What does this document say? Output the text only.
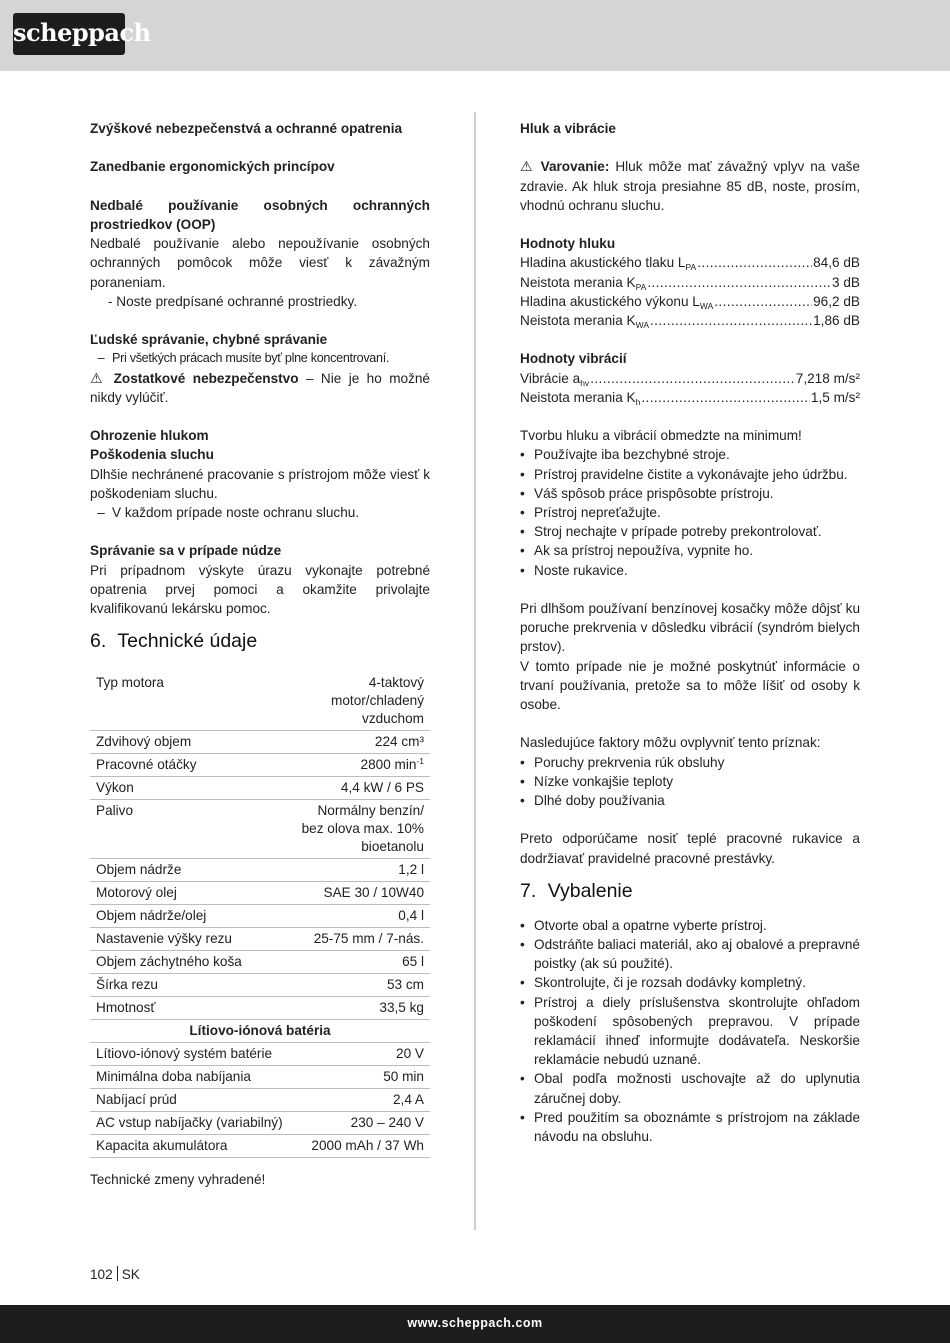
scheppach

Zvýškové nebezpečenstvá a ochranné opatrenia

Zanedbanie ergonomických princípov

Nedbalé používanie osobných ochranných prostriedkov (OOP)

Nedbalé používanie alebo nepoužívanie osobných ochranných pomôcok môže viesť k závažným poraneniam.

- Noste predpísané ochranné prostriedky.

Ľudské správanie, chybné správanie

– Pri všetkých prácach musíte byť plne koncentrovaní.

⚠ Zostatkové nebezpečenstvo – Nie je ho možné nikdy vylúčiť.

Ohrozenie hlukom

Poškodenia sluchu

Dlhšie nechránené pracovanie s prístrojom môže viesť k poškodeniam sluchu.

– V každom prípade noste ochranu sluchu.

Správanie sa v prípade núdze

Pri prípadnom výskyte úrazu vykonajte potrebné opatrenia prvej pomoci a okamžite privolajte kvalifikovanú lekársku pomoc.

6. Technické údaje
Typ motora	4-taktový motor/chladený vzduchom
Zdvihový objem	224 cm³
Pracovné otáčky	2800 $\min^{-1}$
Výkon	4,4 kW / 6 PS
Palivo	Normálny benzín/ bez olova max. 10% bioetanolu
Objem nádrže	1,2 l
Motorový olej	SAE 30 / 10W40
Objem nádrže/olej	0,4 l
Nastavenie výšky rezu	25-75 mm / 7-nás.
Objem záchytného koša	65 l
Šírka rezu	53 cm
Hmotnosť	33,5 kg
Lítiovo-iónová batéria	
Lítiovo-iónový systém batérie	20 V
Minimálna doba nabíjania	50 min
Nabíjací prúd	2,4 A
AC vstup nabíjačky (variabilný)	230 – 240 V
Kapacita akumulátora	2000 mAh / 37 Wh

Technické zmeny vyhradené!

Hluk a vibrácie

⚠ Varovanie: Hluk môže mať závažný vplyv na vaše zdravie. Ak hluk stroja presiahne 85 dB, noste, prosím, vhodnú ochranu sluchu.

Hodnoty hluku

Hladina akustického tlaku $L_{PA}$ .....	84,6 dB
Neistota merania $K_{PA}$ .....	3 dB
Hladina akustického výkonu $L_{WA}$ .....	96,2 dB
Neistota merania $K_{WA}$ .....	1,86 dB

Hodnoty vibrácií

Vibrácie $a_{hv}$ .....	7,218 m/s²
Neistota merania $K_h$ .....	1,5 m/s²

Tvorbu hluku a vibrácií obmedzte na minimum!

• Používajte iba bezchybné stroje.
• Prístroj pravidelne čistite a vykonávajte jeho údržbu.
• Váš spôsob práce prispôsobte prístroju.
• Prístroj nepreťažujte.
• Stroj nechajte v prípade potreby prekontrolovať.
• Ak sa prístroj nepoužíva, vypnite ho.
• Noste rukavice.

Pri dlhšom používaní benzínovej kosačky môže dôjsť ku poruche prekrvenia v dôsledku vibrácií (syndróm bielych prstov).

V tomto prípade nie je možné poskytnúť informácie o trvaní používania, pretože sa to môže líšiť od osoby k osobe.

Nasledujúce faktory môžu ovplyvniť tento príznak:

• Poruchy prekrvenia rúk obsluhy
• Nízke vonkajšie teploty
• Dlhé doby používania

Preto odporúčame nosiť teplé pracovné rukavice a dodržiavať pravidelné pracovné prestávky.

7. Vybalenie
• Otvorte obal a opatrne vyberte prístroj.
• Odstráňte baliaci materiál, ako aj obalové a prepravné poistky (ak sú použité).
• Skontrolujte, či je rozsah dodávky kompletný.
• Prístroj a diely príslušenstva skontrolujte ohľadom poškodení spôsobených prepravou. V prípade reklamácií ihneď informujte dodávateľa. Neskoršie reklamácie nebudú uznané.
• Obal podľa možnosti uschovajte až do uplynutia záručnej doby.
• Pred použitím sa oboznámte s prístrojom na základe návodu na obsluhu.
102 SK
www.scheppach.com
